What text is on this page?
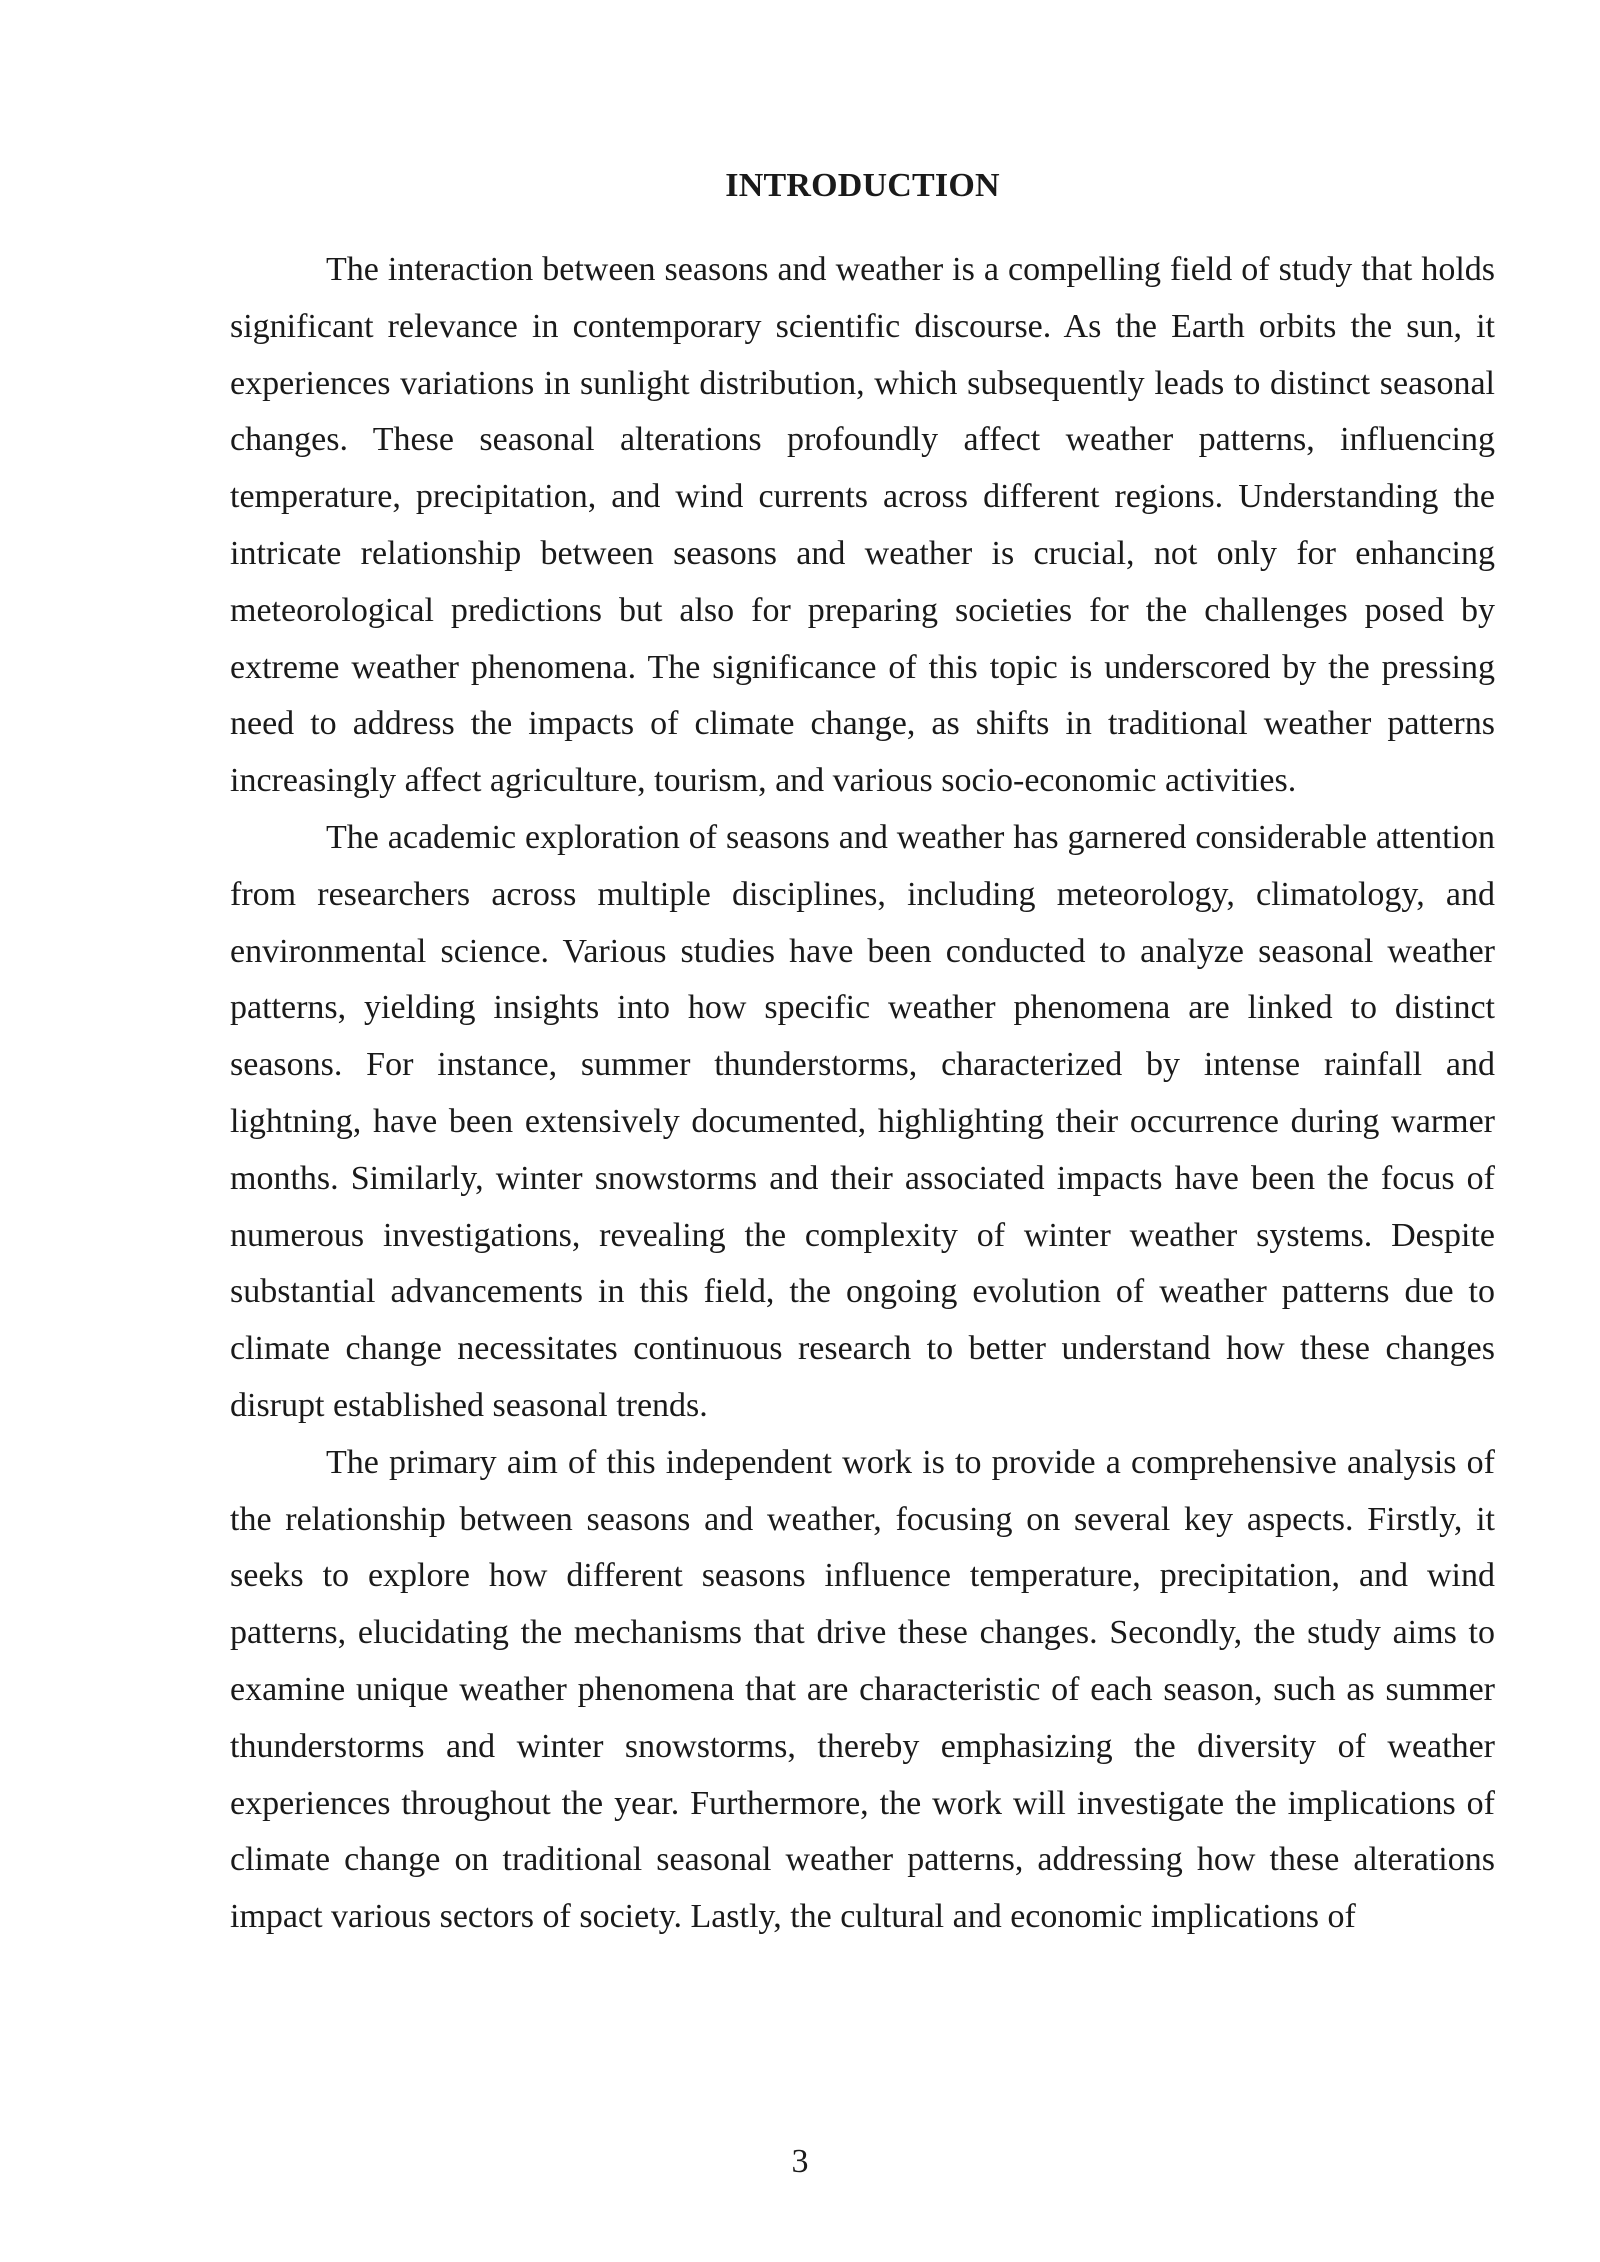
INTRODUCTION

The interaction between seasons and weather is a compelling field of study that holds significant relevance in contemporary scientific discourse. As the Earth orbits the sun, it experiences variations in sunlight distribution, which subsequently leads to distinct seasonal changes. These seasonal alterations profoundly affect weather patterns, influencing temperature, precipitation, and wind currents across different regions. Understanding the intricate relationship between seasons and weather is crucial, not only for enhancing meteorological predictions but also for preparing societies for the challenges posed by extreme weather phenomena. The significance of this topic is underscored by the pressing need to address the impacts of climate change, as shifts in traditional weather patterns increasingly affect agriculture, tourism, and various socio-economic activities.

The academic exploration of seasons and weather has garnered considerable attention from researchers across multiple disciplines, including meteorology, climatology, and environmental science. Various studies have been conducted to analyze seasonal weather patterns, yielding insights into how specific weather phenomena are linked to distinct seasons. For instance, summer thunderstorms, characterized by intense rainfall and lightning, have been extensively documented, highlighting their occurrence during warmer months. Similarly, winter snowstorms and their associated impacts have been the focus of numerous investigations, revealing the complexity of winter weather systems. Despite substantial advancements in this field, the ongoing evolution of weather patterns due to climate change necessitates continuous research to better understand how these changes disrupt established seasonal trends.

The primary aim of this independent work is to provide a comprehensive analysis of the relationship between seasons and weather, focusing on several key aspects. Firstly, it seeks to explore how different seasons influence temperature, precipitation, and wind patterns, elucidating the mechanisms that drive these changes. Secondly, the study aims to examine unique weather phenomena that are characteristic of each season, such as summer thunderstorms and winter snowstorms, thereby emphasizing the diversity of weather experiences throughout the year. Furthermore, the work will investigate the implications of climate change on traditional seasonal weather patterns, addressing how these alterations impact various sectors of society. Lastly, the cultural and economic implications of

3
